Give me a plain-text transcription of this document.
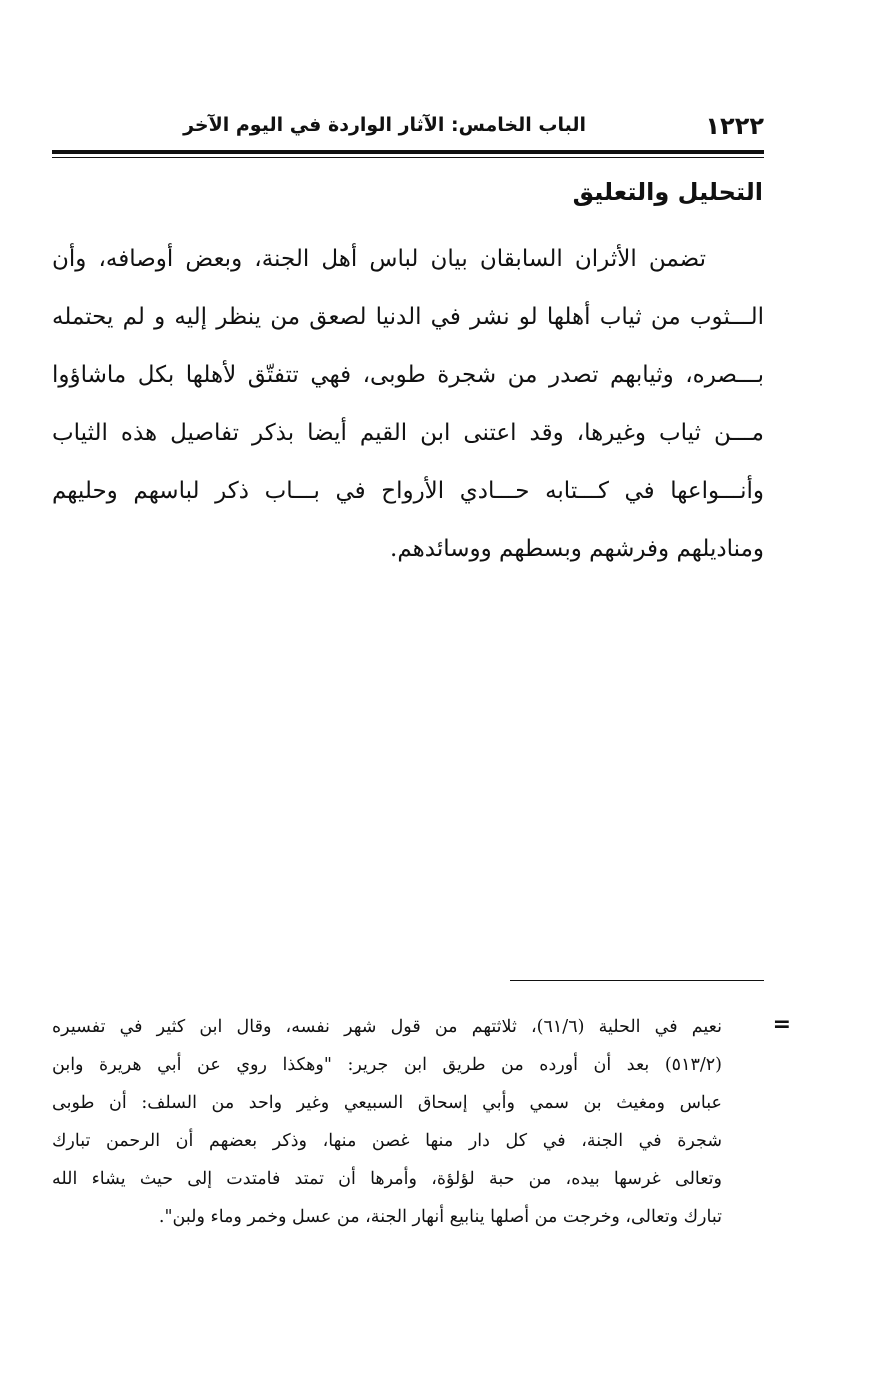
١٢٢٢
الباب الخامس: الآثار الواردة في اليوم الآخر
التحليل والتعليق
تضمن الأثران السابقان بيان لباس أهل الجنة، وبعض أوصافه، وأن
الـــثوب من ثياب أهلها لو نشر في الدنيا لصعق من ينظر إليه و لم يحتمله
بـــصره، وثيابهم تصدر من شجرة طوبى، فهي تتفتّق لأهلها بكل ماشاؤوا
مـــن ثياب وغيرها، وقد اعتنى ابن القيم أيضا بذكر تفاصيل هذه الثياب
وأنـــواعها في كـــتابه حـــادي الأرواح في بـــاب ذكر لباسهم وحليهم
ومناديلهم وفرشهم وبسطهم ووسائدهم.
=
نعيم في الحلية (٦١/٦)، ثلاثتهم من قول شهر نفسه، وقال ابن كثير في تفسيره
(٥١٣/٢) بعد أن أورده من طريق ابن جرير: "وهكذا روي عن أبي هريرة وابن
عباس ومغيث بن سمي وأبي إسحاق السبيعي وغير واحد من السلف: أن طوبى
شجرة في الجنة، في كل دار منها غصن منها، وذكر بعضهم أن الرحمن تبارك
وتعالى غرسها بيده، من حبة لؤلؤة، وأمرها أن تمتد فامتدت إلى حيث يشاء الله
تبارك وتعالى، وخرجت من أصلها ينابيع أنهار الجنة، من عسل وخمر وماء ولبن".
